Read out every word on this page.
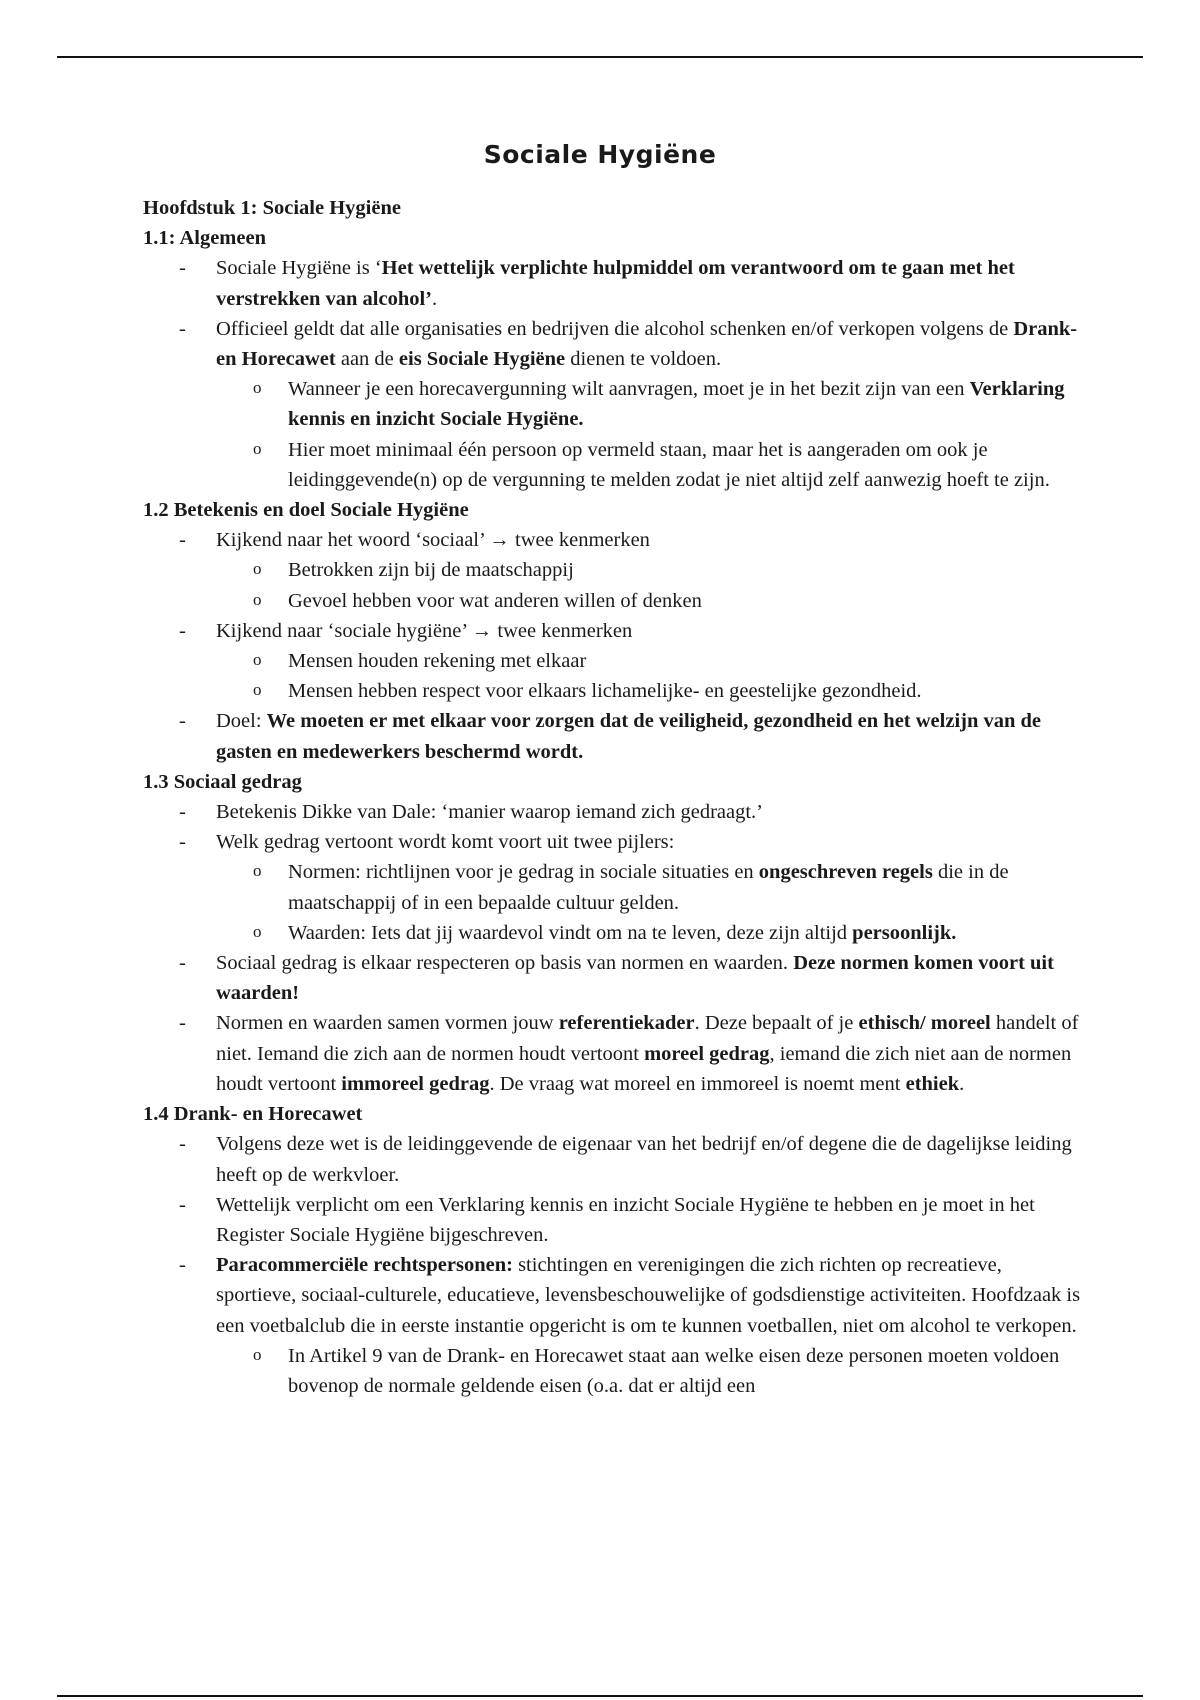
Sociale Hygiëne

Hoofdstuk 1: Sociale Hygiëne

1.1: Algemeen

- Sociale Hygiëne is ‘Het wettelijk verplichte hulpmiddel om verantwoord om te gaan met het verstrekken van alcohol’.
- Officieel geldt dat alle organisaties en bedrijven die alcohol schenken en/of verkopen volgens de Drank- en Horecawet aan de eis Sociale Hygiëne dienen te voldoen.
o Wanneer je een horecavergunning wilt aanvragen, moet je in het bezit zijn van een Verklaring kennis en inzicht Sociale Hygiëne.
o Hier moet minimaal één persoon op vermeld staan, maar het is aangeraden om ook je leidinggevende(n) op de vergunning te melden zodat je niet altijd zelf aanwezig hoeft te zijn.

1.2 Betekenis en doel Sociale Hygiëne

- Kijkend naar het woord ‘sociaal’ → twee kenmerken
o Betrokken zijn bij de maatschappij
o Gevoel hebben voor wat anderen willen of denken
- Kijkend naar ‘sociale hygiëne’ → twee kenmerken
o Mensen houden rekening met elkaar
o Mensen hebben respect voor elkaars lichamelijke- en geestelijke gezondheid.
- Doel: We moeten er met elkaar voor zorgen dat de veiligheid, gezondheid en het welzijn van de gasten en medewerkers beschermd wordt.

1.3 Sociaal gedrag

- Betekenis Dikke van Dale: ‘manier waarop iemand zich gedraagt.’
- Welk gedrag vertoont wordt komt voort uit twee pijlers:
o Normen: richtlijnen voor je gedrag in sociale situaties en ongeschreven regels die in de maatschappij of in een bepaalde cultuur gelden.
o Waarden: Iets dat jij waardevol vindt om na te leven, deze zijn altijd persoonlijk.
- Sociaal gedrag is elkaar respecteren op basis van normen en waarden. Deze normen komen voort uit waarden!
- Normen en waarden samen vormen jouw referentiekader. Deze bepaalt of je ethisch/ moreel handelt of niet. Iemand die zich aan de normen houdt vertoont moreel gedrag, iemand die zich niet aan de normen houdt vertoont immoreel gedrag. De vraag wat moreel en immoreel is noemt ment ethiek.

1.4 Drank- en Horecawet

- Volgens deze wet is de leidinggevende de eigenaar van het bedrijf en/of degene die de dagelijkse leiding heeft op de werkvloer.
- Wettelijk verplicht om een Verklaring kennis en inzicht Sociale Hygiëne te hebben en je moet in het Register Sociale Hygiëne bijgeschreven.
- Paracommerciële rechtspersonen: stichtingen en verenigingen die zich richten op recreatieve, sportieve, sociaal-culturele, educatieve, levensbeschouwelijke of godsdienstige activiteiten. Hoofdzaak is een voetbalclub die in eerste instantie opgericht is om te kunnen voetballen, niet om alcohol te verkopen.
o In Artikel 9 van de Drank- en Horecawet staat aan welke eisen deze personen moeten voldoen bovenop de normale geldende eisen (o.a. dat er altijd een
